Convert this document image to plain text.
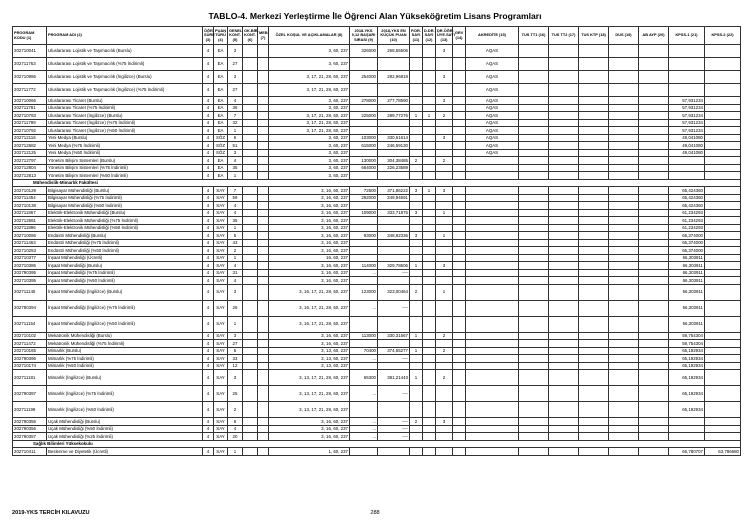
TABLO-4. Merkezi Yerleştirme İle Öğrenci Alan Yükseköğretim Lisans Programları
PROGRAM KODU (1)	PROGRAM ADI (2)	ÖĞR. SÜRE (3)	PUAN TÜRÜ (4)	GENEL KONT. (5)	OK.BİR. KONT. (6)	MEB (7)	ÖZEL KOŞUL VE AÇIKLAMALAR (8)	2018-YKS 0,12 BAŞARI SIRASI (9)	2018-YKS EN KÜÇÜK PUAN (10)	P.DR. SAYI (11)	D.DR. SAYI (12)	DR.ÖĞR. ÜYE.SAYI (13)	GRV (14)	AKREDİTE (15)	TUS TT1 (16)	TUS TT2 (17)	TUS KTP (18)	DUS (19)	AB AYP (20)	KPSS-1 (21)	KPSS-2 (22)
202710041	Uluslararası Lojistik ve Taşımacılık (Burslu)	4	EA	3			3, 60, 237	326000	268,55506			3		AQAS							
202711763	Uluslararası Lojistik ve Taşımacılık (%75 İndirimli)	4	EA	27			3, 60, 237							AQAS							
202710986	Uluslararası Lojistik ve Taşımacılık (İngilizce) (Burslu)	4	EA	3			3, 17, 21, 28, 60, 237	254000	282,96818			3		AQAS							
202711772	Uluslararası Lojistik ve Taşımacılık (İngilizce) (%75 İndirimli)	4	EA	27			3, 17, 21, 28, 60, 237							AQAS							
202710066	Uluslararası Ticaret (Burslu)	4	EA	4			3, 60, 237	278000	277,78590			3		AQAS						57,931234	
202711781	Uluslararası Ticaret (%75 İndirimli)	4	EA	36			3, 60, 237							AQAS						57,931234	
202710783	Uluslararası Ticaret (İngilizce) (Burslu)	4	EA	7			3, 17, 21, 28, 60, 237	225000	289,77276	1	1	2		AQAS						57,931234	
202711799	Uluslararası Ticaret (İngilizce) (%75 İndirimli)	4	EA	32			3, 17, 21, 28, 60, 237							AQAS						57,931234	
202710792	Uluslararası Ticaret (İngilizce) (%50 İndirimli)	4	EA	1			3, 17, 21, 28, 60, 237							AQAS						57,931234	
202712116	Yeni Medya (Burslu)	4	SÖZ	6			3, 60, 237	103000	330,61614			3		AQAS						49,041080	
202712682	Yeni Medya (%75 İndirimli)	4	SÖZ	51			3, 60, 237	615000	246,59130					AQAS						49,041080	
202712125	Yeni Medya (%50 İndirimli)	4	SÖZ	3			3, 60, 237							AQAS						49,041080	
202712797	Yönetim Bilişim Sistemleri (Burslu)	4	EA	4			3, 60, 237	130000	304,38485	2		2									
202712804	Yönetim Bilişim Sistemleri (%75 İndirimli)	4	EA	35			3, 60, 237	664000	226,23589												
202712813	Yönetim Bilişim Sistemleri (%50 İndirimli)	4	EA	1			3, 60, 237														
Mühendislik-Mimarlık Fakültesi																					
202710129	Bilgisayar Mühendisliği (Burslu)	4	SAY	7			3, 16, 60, 237	72500	371,86222	3	1	3								65,424360	
202711454	Bilgisayar Mühendisliği (%75 İndirimli)	4	SAY	59			3, 16, 60, 237	292000	249,94691											65,424360	
202710138	Bilgisayar Mühendisliği (%50 İndirimli)	4	SAY	4			3, 16, 60, 237													65,424360	
202711867	Elektrik-Elektronik Mühendisliği (Burslu)	4	SAY	4			3, 16, 60, 237	109000	333,71875	3		1								61,234293	
202712681	Elektrik-Elektronik Mühendisliği (%75 İndirimli)	4	SAY	35			3, 16, 60, 237													61,234293	
202711896	Elektrik-Elektronik Mühendisliği (%50 İndirimli)	4	SAY	1			3, 16, 60, 237													61,234293	
202710086	Endüstri Mühendisliği (Burslu)	4	SAY	5			3, 16, 60, 237	93000	348,82336	3		1								65,374000	
202711463	Endüstri Mühendisliği (%75 İndirimli)	4	SAY	43			3, 16, 60, 237													65,374000	
202710253	Endüstri Mühendisliği (%50 İndirimli)	4	SAY	2			3, 16, 60, 237													65,374000	
202710377	İnşaat Mühendisliği (Ücretli)	4	SAY	1			16, 60, 237													66,303911	
202710386	İnşaat Mühendisliği (Burslu)	4	SAY	4			3, 16, 60, 237	114000	329,78606	1		3								66,303911	
202790395	İnşaat Mühendisliği (%75 İndirimli)	4	SAY	31			3, 16, 60, 237	...	----											66,303911	
202710395	İnşaat Mühendisliği (%50 İndirimli)	4	SAY	4			3, 16, 60, 237													66,303911	
202711145	İnşaat Mühendisliği (İngilizce) (Burslu)	4	SAY	3			3, 16, 17, 21, 28, 60, 237	123000	323,00464	2		1								66,303911	
202790394	İnşaat Mühendisliği (İngilizce) (%75 İndirimli)	4	SAY	26			3, 16, 17, 21, 28, 60, 237	...	----											66,303911	
202711154	İnşaat Mühendisliği (İngilizce) (%50 İndirimli)	4	SAY	1			3, 16, 17, 21, 28, 60, 237													66,303911	
202710102	Mekatronik Mühendisliği (Burslu)	4	SAY	3			3, 16, 60, 237	113000	330,31567	1		2								59,754304	
202711472	Mekatronik Mühendisliği (%75 İndirimli)	4	SAY	27			3, 16, 60, 237													59,754304	
202710165	Mimarlık (Burslu)	4	SAY	5			3, 13, 60, 237	70400	374,65277	1		2								65,192934	
202790396	Mimarlık (%75 İndirimli)	4	SAY	33			3, 13, 60, 237	...	----											65,192934	
202710174	Mimarlık (%50 İndirimli)	4	SAY	12			3, 13, 60, 237													65,192934	
202711181	Mimarlık (İngilizce) (Burslu)	4	SAY	3			3, 13, 17, 21, 28, 60, 237	65300	381,21443	1		2								65,192934	
202790397	Mimarlık (İngilizce) (%75 İndirimli)	4	SAY	25			3, 13, 17, 21, 28, 60, 237	...	----											65,192934	
202711199	Mimarlık (İngilizce) (%50 İndirimli)	4	SAY	2			3, 13, 17, 21, 28, 60, 237													65,192934	
202790355	Uçak Mühendisliği (Burslu)	4	SAY	6			3, 16, 60, 237	...	----	2		3									
202790356	Uçak Mühendisliği (%50 İndirimli)	4	SAY	4			3, 16, 60, 237	...	----												
202790357	Uçak Mühendisliği (%25 İndirimli)	4	SAY	20			3, 16, 60, 237	...	----												
Sağlık Bilimleri Yüksekokulu																					
202710411	Beslenme ve Diyetetik (Ücretli)	4	SAY	1			1, 60, 237													66,780707	63,786680
2019-YKS TERCİH KILAVUZU	288
